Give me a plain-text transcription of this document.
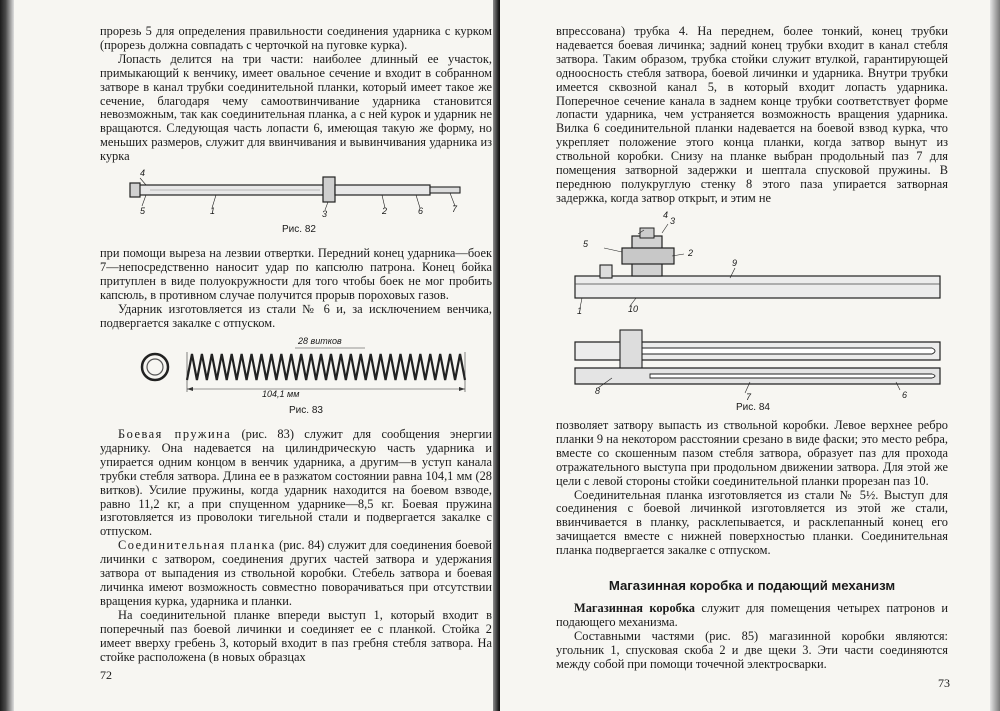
прорезь 5 для определения правильности соединения ударника с курком (прорезь должна совпадать с черточкой на пуговке курка).

Лопасть делится на три части: наиболее длинный ее участок, примыкающий к венчику, имеет овальное сечение и входит в собранном затворе в канал трубки соединительной планки, который имеет такое же сечение, благодаря чему самоотвинчивание ударника становится невозможным, так как соединительная планка, а с ней курок и ударник не вращаются. Следующая часть лопасти 6, имеющая такую же форму, но меньших размеров, служит для ввинчивания и вывинчивания ударника из курка

4
5	1	3	2	6	7
Рис. 82

при помощи выреза на лезвии отвертки. Передний конец ударника—боек 7—непосредственно наносит удар по капсюлю патрона. Конец бойка притуплен в виде полуокружности для того чтобы боек не мог пробить капсюль, в противном случае получится прорыв пороховых газов.

Ударник изготовляется из стали № 6 и, за исключением венчика, подвергается закалке с отпуском.

28 витков
104,1 мм
Рис. 83

Боевая пружина (рис. 83) служит для сообщения энергии ударнику. Она надевается на цилиндрическую часть ударника и упирается одним концом в венчик ударника, а другим—в уступ канала трубки стебля затвора. Длина ее в разжатом состоянии равна 104,1 мм (28 витков). Усилие пружины, когда ударник находится на боевом взводе, равно 11,2 кг, а при спущенном ударнике—8,5 кг. Боевая пружина изготовляется из проволоки тигельной стали и подвергается закалке с отпуском.

Соединительная планка (рис. 84) служит для соединения боевой личинки с затвором, соединения других частей затвора и удержания затвора от выпадения из ствольной коробки. Стебель затвора и боевая личинка имеют возможность совместно поворачиваться при отсутствии вращения курка, ударника и планки.

На соединительной планке впереди выступ 1, который входит в поперечный паз боевой личинки и соединяет ее с планкой. Стойка 2 имеет вверху гребень 3, который входит в паз гребня стебля затвора. На стойке расположена (в новых образцах

72

впрессована) трубка 4. На переднем, более тонкий, конец трубки надевается боевая личинка; задний конец трубки входит в канал стебля затвора. Таким образом, трубка стойки служит втулкой, гарантирующей одноосность стебля затвора, боевой личинки и ударника. Внутри трубки имеется сквозной канал 5, в который входит лопасть ударника. Поперечное сечение канала в заднем конце трубки соответствует форме лопасти ударника, чем устраняется возможность вращения ударника. Вилка 6 соединительной планки надевается на боевой взвод курка, что укрепляет положение этого конца планки, когда затвор вынут из ствольной коробки. Снизу на планке выбран продольный паз 7 для помещения затворной задержки и шептала спусковой пружины. В переднюю полукруглую стенку 8 этого паза упирается затворная задержка, когда затвор открыт, и этим не

4
3
5
2
9
1	10
8
7	6
Рис. 84

позволяет затвору выпасть из ствольной коробки. Левое верхнее ребро планки 9 на некотором расстоянии срезано в виде фаски; это место ребра, вместе со скошенным пазом стебля затвора, образует паз для прохода отражательного выступа при продольном движении затвора. Для этой же цели с левой стороны стойки соединительной планки прорезан паз 10.

Соединительная планка изготовляется из стали № 5½. Выступ для соединения с боевой личинкой изготовляется из этой же стали, ввинчивается в планку, расклепывается, и расклепанный конец его зачищается вместе с нижней поверхностью планки. Соединительная планка подвергается закалке с отпуском.

Магазинная коробка и подающий механизм

Магазинная коробка служит для помещения четырех патронов и подающего механизма.

Составными частями (рис. 85) магазинной коробки являются: угольник 1, спусковая скоба 2 и две щеки 3. Эти части соединяются между собой при помощи точечной электросварки.

73
